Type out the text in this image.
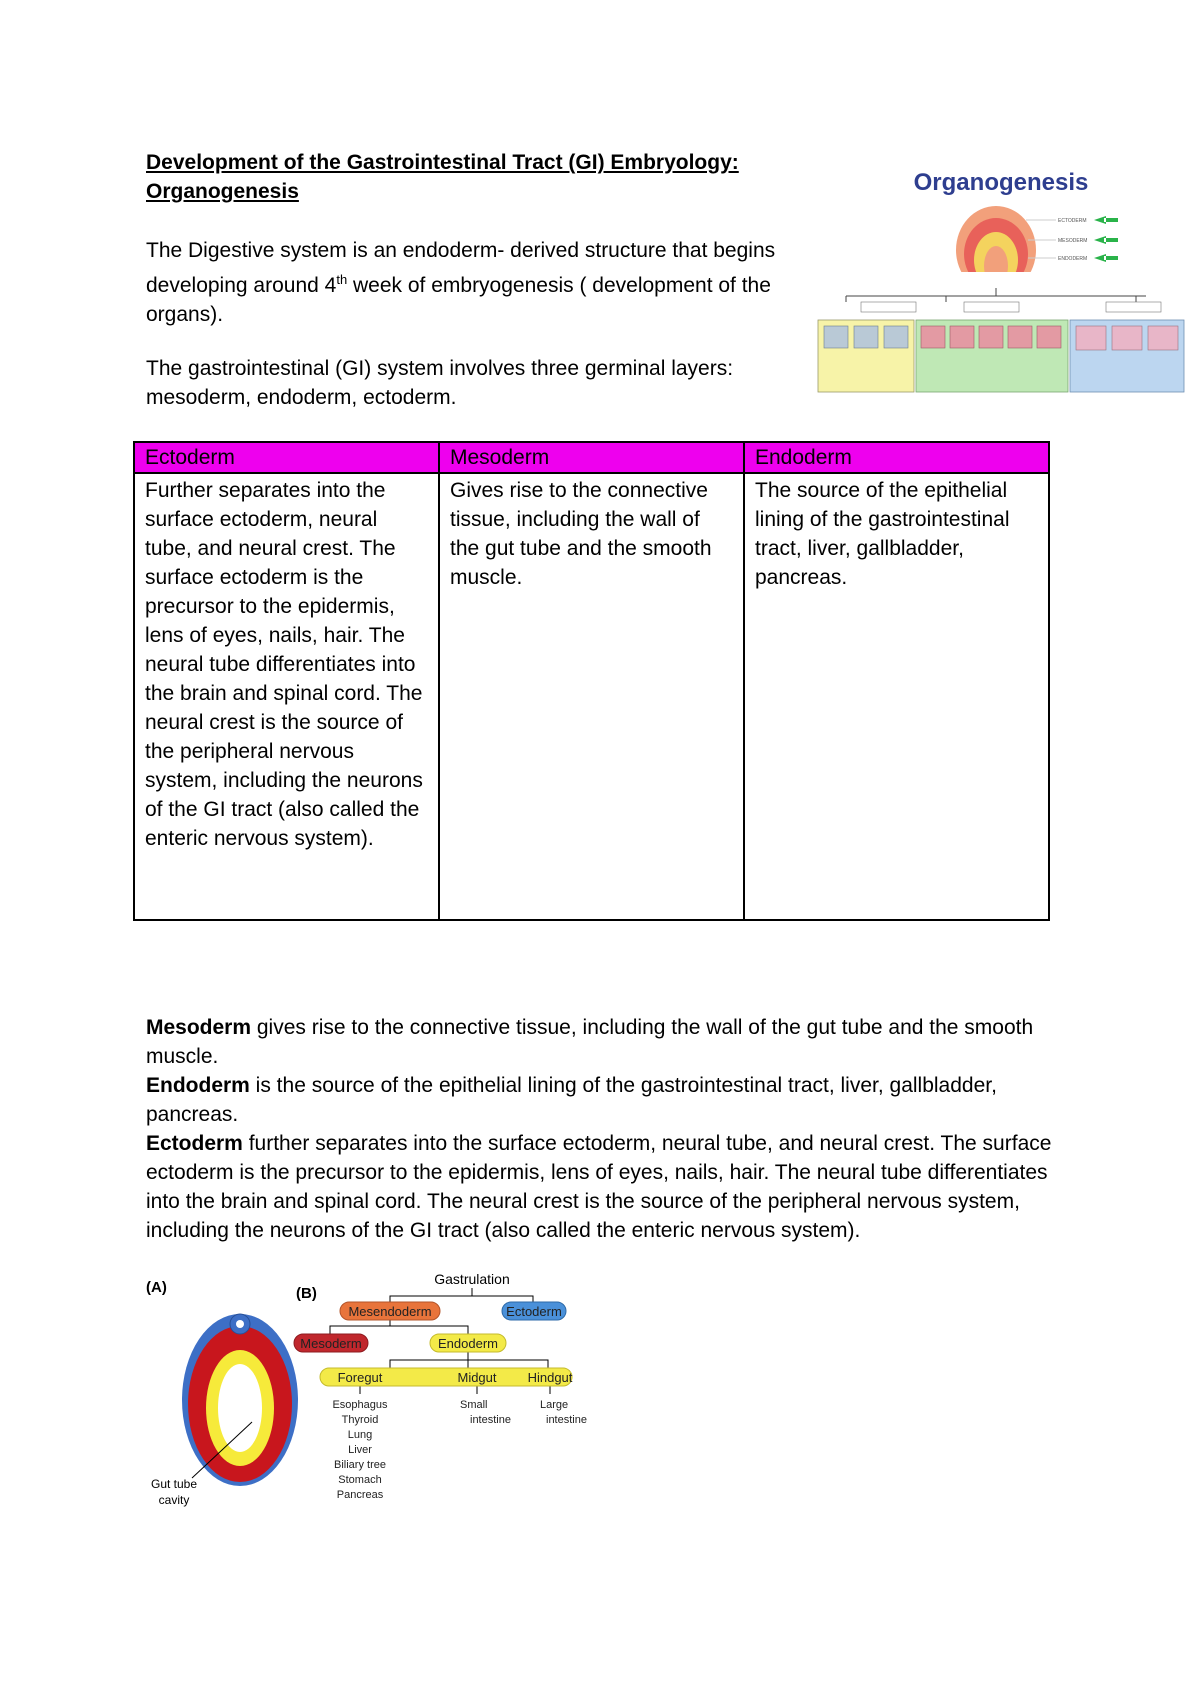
Development of the Gastrointestinal Tract (GI) Embryology: Organogenesis
The Digestive system is an endoderm- derived structure that begins developing around 4th week of embryogenesis ( development of the organs).
The gastrointestinal (GI) system involves three germinal layers: mesoderm, endoderm, ectoderm.
Organogenesis
ECTODERM
MESODERM
ENDODERM
Ectoderm	Mesoderm	Endoderm
Further separates into the surface ectoderm, neural tube, and neural crest. The surface ectoderm is the precursor to the epidermis, lens of eyes, nails, hair. The neural tube differentiates into the brain and spinal cord. The neural crest is the source of the peripheral nervous system, including the neurons of the GI tract (also called the enteric nervous system).	Gives rise to the connective tissue, including the wall of the gut tube and the smooth muscle.	The source of the epithelial lining of the gastrointestinal tract, liver, gallbladder, pancreas.

Mesoderm gives rise to the connective tissue, including the wall of the gut tube and the smooth muscle.

Endoderm is the source of the epithelial lining of the gastrointestinal tract, liver, gallbladder, pancreas.

Ectoderm further separates into the surface ectoderm, neural tube, and neural crest. The surface ectoderm is the precursor to the epidermis, lens of eyes, nails, hair. The neural tube differentiates into the brain and spinal cord. The neural crest is the source of the peripheral nervous system, including the neurons of the GI tract (also called the enteric nervous system).

(A)
Gut tube
cavity
(B)
Gastrulation
Mesendoderm	Ectoderm
Mesoderm	Endoderm
Foregut	Midgut Hindgut
Esophagus
Thyroid
Lung
Liver
Biliary tree
Stomach
Pancreas
Small
intestine
Large
intestine
